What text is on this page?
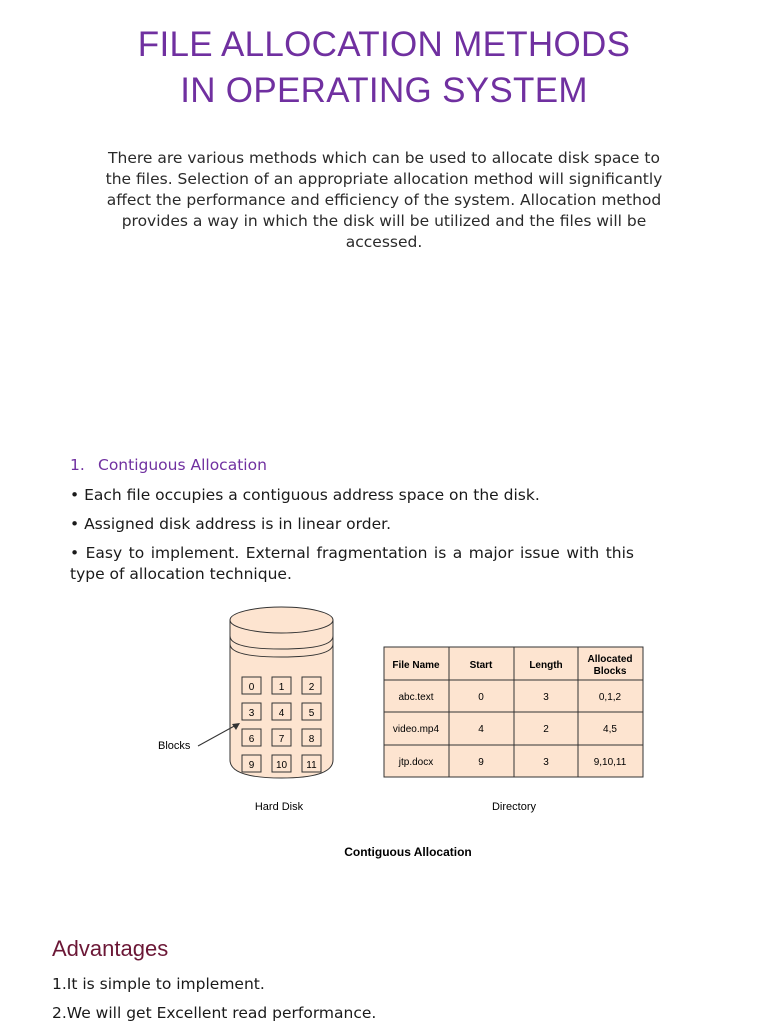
FILE ALLOCATION METHODS
IN OPERATING SYSTEM
There are various methods which can be used to allocate disk space to the files. Selection of an appropriate allocation method will significantly affect the performance and efficiency of the system. Allocation method provides a way in which the disk will be utilized and the files will be accessed.
1. Contiguous Allocation

• Each file occupies a contiguous address space on the disk.

• Assigned disk address is in linear order.

• Easy to implement. External fragmentation is a major issue with this type of allocation technique.

0 1 2
3 4 5
6 7 8
9 10 11
Blocks
Hard Disk
File Name	Start	Length
Allocated
Blocks
abc.text	0	3	0,1,2
video.mp4	4	2	4,5
jtp.docx	9	3	9,10,11
Directory
Contiguous Allocation
Advantages

1.It is simple to implement.

2.We will get Excellent read performance.
